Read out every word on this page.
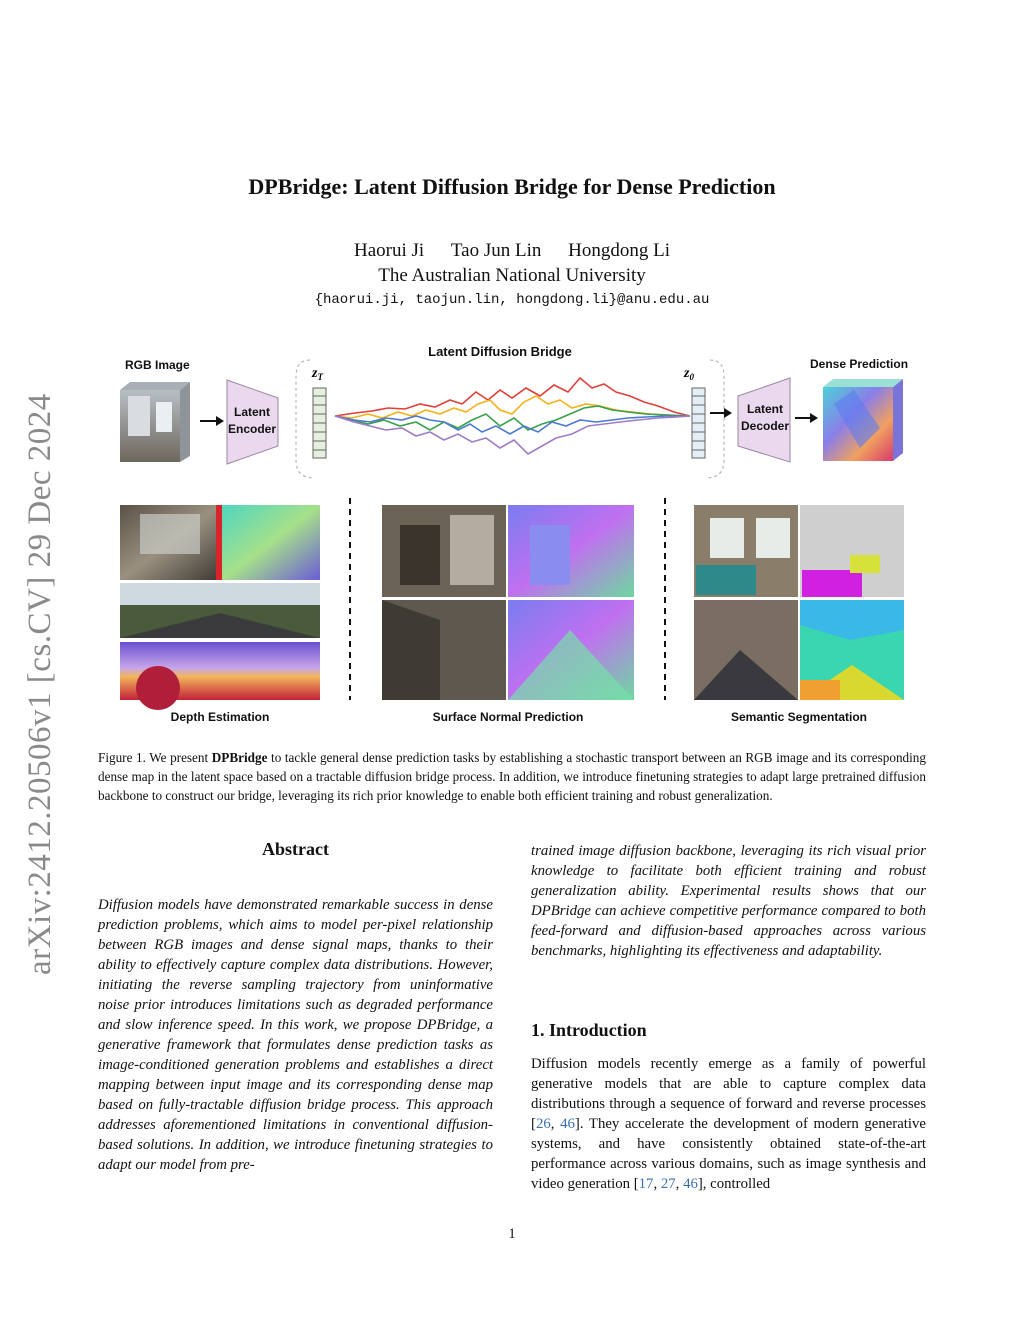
arXiv:2412.20506v1 [cs.CV] 29 Dec 2024
DPBridge: Latent Diffusion Bridge for Dense Prediction
Haorui Ji Tao Jun Lin Hongdong Li
The Australian National University
{haorui.ji, taojun.lin, hongdong.li}@anu.edu.au
RGB Image
Latent
Encoder
Latent Diffusion Bridge
$z_T$	$z_0$
Latent
Decoder
Dense Prediction
Depth Estimation	Surface Normal Prediction	Semantic Segmentation
Figure 1. We present DPBridge to tackle general dense prediction tasks by establishing a stochastic transport between an RGB image and its corresponding dense map in the latent space based on a tractable diffusion bridge process. In addition, we introduce finetuning strategies to adapt large pretrained diffusion backbone to construct our bridge, leveraging its rich prior knowledge to enable both efficient training and robust generalization.
Abstract
Diffusion models have demonstrated remarkable success in dense prediction problems, which aims to model per-pixel relationship between RGB images and dense signal maps, thanks to their ability to effectively capture complex data distributions. However, initiating the reverse sampling trajectory from uninformative noise prior introduces limitations such as degraded performance and slow inference speed. In this work, we propose DPBridge, a generative framework that formulates dense prediction tasks as image-conditioned generation problems and establishes a direct mapping between input image and its corresponding dense map based on fully-tractable diffusion bridge process. This approach addresses aforementioned limitations in conventional diffusion-based solutions. In addition, we introduce finetuning strategies to adapt our model from pre-
trained image diffusion backbone, leveraging its rich visual prior knowledge to facilitate both efficient training and robust generalization ability. Experimental results shows that our DPBridge can achieve competitive performance compared to both feed-forward and diffusion-based approaches across various benchmarks, highlighting its effectiveness and adaptability.
1. Introduction
Diffusion models recently emerge as a family of powerful generative models that are able to capture complex data distributions through a sequence of forward and reverse processes [26, 46]. They accelerate the development of modern generative systems, and have consistently obtained state-of-the-art performance across various domains, such as image synthesis and video generation [17, 27, 46], controlled
1
